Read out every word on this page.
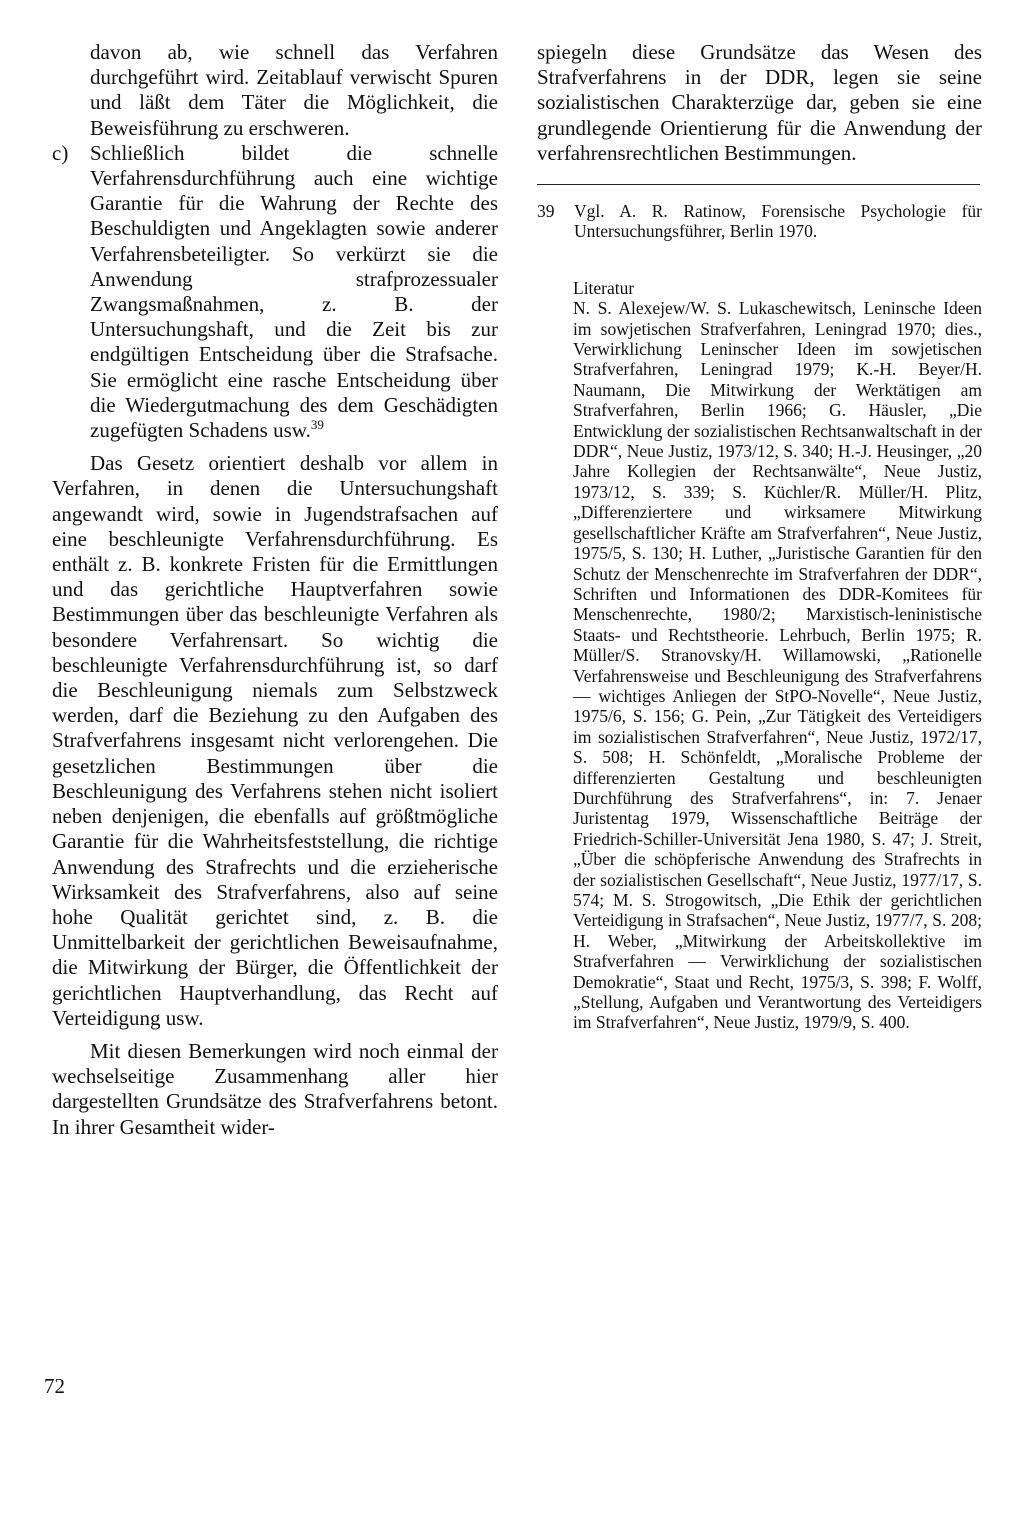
davon ab, wie schnell das Verfahren durchgeführt wird. Zeitablauf verwischt Spuren und läßt dem Täter die Möglichkeit, die Beweisführung zu erschweren.

c) Schließlich bildet die schnelle Verfahrensdurchführung auch eine wichtige Garantie für die Wahrung der Rechte des Beschuldigten und Angeklagten sowie anderer Verfahrensbeteiligter. So verkürzt sie die Anwendung strafprozessualer Zwangsmaßnahmen, z. B. der Untersuchungshaft, und die Zeit bis zur endgültigen Entscheidung über die Strafsache. Sie ermöglicht eine rasche Entscheidung über die Wiedergutmachung des dem Geschädigten zugefügten Schadens usw.$^{39}$

Das Gesetz orientiert deshalb vor allem in Verfahren, in denen die Untersuchungshaft angewandt wird, sowie in Jugendstrafsachen auf eine beschleunigte Verfahrensdurchführung. Es enthält z. B. konkrete Fristen für die Ermittlungen und das gerichtliche Hauptverfahren sowie Bestimmungen über das beschleunigte Verfahren als besondere Verfahrensart. So wichtig die beschleunigte Verfahrensdurchführung ist, so darf die Beschleunigung niemals zum Selbstzweck werden, darf die Beziehung zu den Aufgaben des Strafverfahrens insgesamt nicht verlorengehen. Die gesetzlichen Bestimmungen über die Beschleunigung des Verfahrens stehen nicht isoliert neben denjenigen, die ebenfalls auf größtmögliche Garantie für die Wahrheitsfeststellung, die richtige Anwendung des Strafrechts und die erzieherische Wirksamkeit des Strafverfahrens, also auf seine hohe Qualität gerichtet sind, z. B. die Unmittelbarkeit der gerichtlichen Beweisaufnahme, die Mitwirkung der Bürger, die Öffentlichkeit der gerichtlichen Hauptverhandlung, das Recht auf Verteidigung usw.

Mit diesen Bemerkungen wird noch einmal der wechselseitige Zusammenhang aller hier dargestellten Grundsätze des Strafverfahrens betont. In ihrer Gesamtheit wider-

spiegeln diese Grundsätze das Wesen des Strafverfahrens in der DDR, legen sie seine sozialistischen Charakterzüge dar, geben sie eine grundlegende Orientierung für die Anwendung der verfahrensrechtlichen Bestimmungen.

39 Vgl. A. R. Ratinow, Forensische Psychologie für Untersuchungsführer, Berlin 1970.
Literatur

N. S. Alexejew/W. S. Lukaschewitsch, Leninsche Ideen im sowjetischen Strafverfahren, Leningrad 1970; dies., Verwirklichung Leninscher Ideen im sowjetischen Strafverfahren, Leningrad 1979; K.-H. Beyer/H. Naumann, Die Mitwirkung der Werktätigen am Strafverfahren, Berlin 1966; G. Häusler, „Die Entwicklung der sozialistischen Rechtsanwaltschaft in der DDR“, Neue Justiz, 1973/12, S. 340; H.-J. Heusinger, „20 Jahre Kollegien der Rechtsanwälte“, Neue Justiz, 1973/12, S. 339; S. Küchler/R. Müller/H. Plitz, „Differenziertere und wirksamere Mitwirkung gesellschaftlicher Kräfte am Strafverfahren“, Neue Justiz, 1975/5, S. 130; H. Luther, „Juristische Garantien für den Schutz der Menschenrechte im Strafverfahren der DDR“, Schriften und Informationen des DDR-Komitees für Menschenrechte, 1980/2; Marxistisch-leninistische Staats- und Rechtstheorie. Lehrbuch, Berlin 1975; R. Müller/S. Stranovsky/H. Willamowski, „Rationelle Verfahrensweise und Beschleunigung des Strafverfahrens — wichtiges Anliegen der StPO-Novelle“, Neue Justiz, 1975/6, S. 156; G. Pein, „Zur Tätigkeit des Verteidigers im sozialistischen Strafverfahren“, Neue Justiz, 1972/17, S. 508; H. Schönfeldt, „Moralische Probleme der differenzierten Gestaltung und beschleunigten Durchführung des Strafverfahrens“, in: 7. Jenaer Juristentag 1979, Wissenschaftliche Beiträge der Friedrich-Schiller-Universität Jena 1980, S. 47; J. Streit, „Über die schöpferische Anwendung des Strafrechts in der sozialistischen Gesellschaft“, Neue Justiz, 1977/17, S. 574; M. S. Strogowitsch, „Die Ethik der gerichtlichen Verteidigung in Strafsachen“, Neue Justiz, 1977/7, S. 208; H. Weber, „Mitwirkung der Arbeitskollektive im Strafverfahren — Verwirklichung der sozialistischen Demokratie“, Staat und Recht, 1975/3, S. 398; F. Wolff, „Stellung, Aufgaben und Verantwortung des Verteidigers im Strafverfahren“, Neue Justiz, 1979/9, S. 400.

72
